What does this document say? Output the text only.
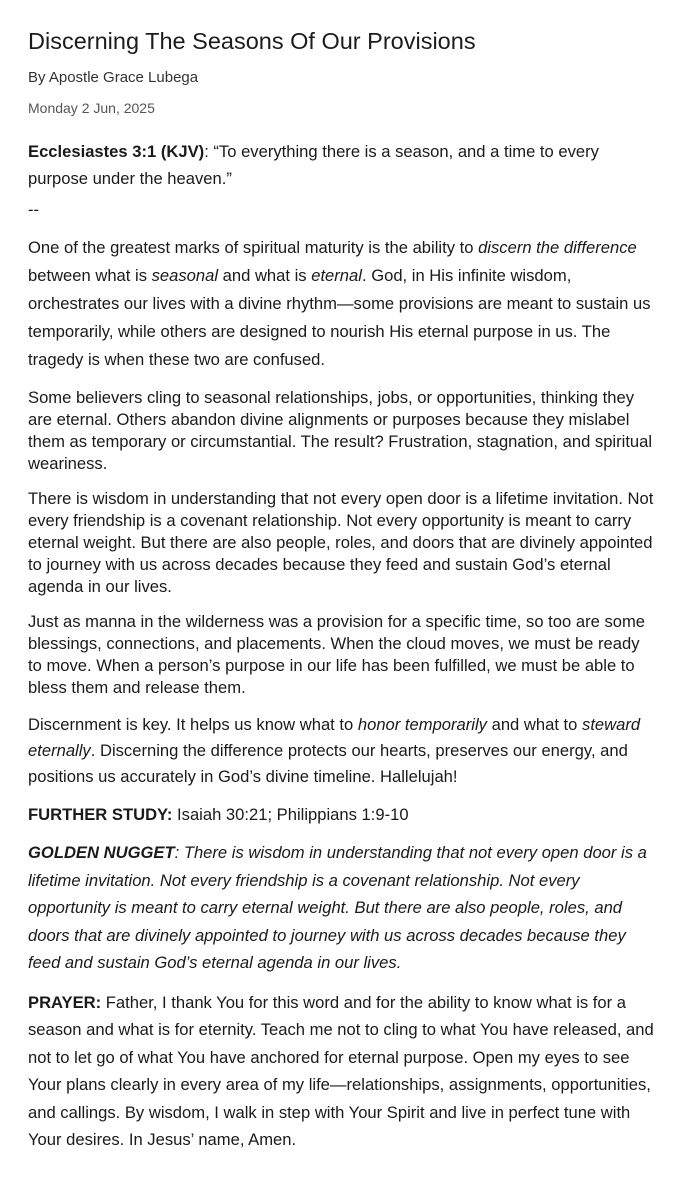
Discerning The Seasons Of Our Provisions

By Apostle Grace Lubega

Monday 2 Jun, 2025

Ecclesiastes 3:1 (KJV): “To everything there is a season, and a time to every purpose under the heaven.”

--

One of the greatest marks of spiritual maturity is the ability to discern the difference between what is seasonal and what is eternal. God, in His infinite wisdom, orchestrates our lives with a divine rhythm—some provisions are meant to sustain us temporarily, while others are designed to nourish His eternal purpose in us. The tragedy is when these two are confused.

Some believers cling to seasonal relationships, jobs, or opportunities, thinking they are eternal. Others abandon divine alignments or purposes because they mislabel them as temporary or circumstantial. The result? Frustration, stagnation, and spiritual weariness.

There is wisdom in understanding that not every open door is a lifetime invitation. Not every friendship is a covenant relationship. Not every opportunity is meant to carry eternal weight. But there are also people, roles, and doors that are divinely appointed to journey with us across decades because they feed and sustain God’s eternal agenda in our lives.

Just as manna in the wilderness was a provision for a specific time, so too are some blessings, connections, and placements. When the cloud moves, we must be ready to move. When a person’s purpose in our life has been fulfilled, we must be able to bless them and release them.

Discernment is key. It helps us know what to honor temporarily and what to steward eternally. Discerning the difference protects our hearts, preserves our energy, and positions us accurately in God’s divine timeline. Hallelujah!

FURTHER STUDY: Isaiah 30:21; Philippians 1:9-10

GOLDEN NUGGET: There is wisdom in understanding that not every open door is a lifetime invitation. Not every friendship is a covenant relationship. Not every opportunity is meant to carry eternal weight. But there are also people, roles, and doors that are divinely appointed to journey with us across decades because they feed and sustain God’s eternal agenda in our lives.

PRAYER: Father, I thank You for this word and for the ability to know what is for a season and what is for eternity. Teach me not to cling to what You have released, and not to let go of what You have anchored for eternal purpose. Open my eyes to see Your plans clearly in every area of my life—relationships, assignments, opportunities, and callings. By wisdom, I walk in step with Your Spirit and live in perfect tune with Your desires. In Jesus’ name, Amen.
